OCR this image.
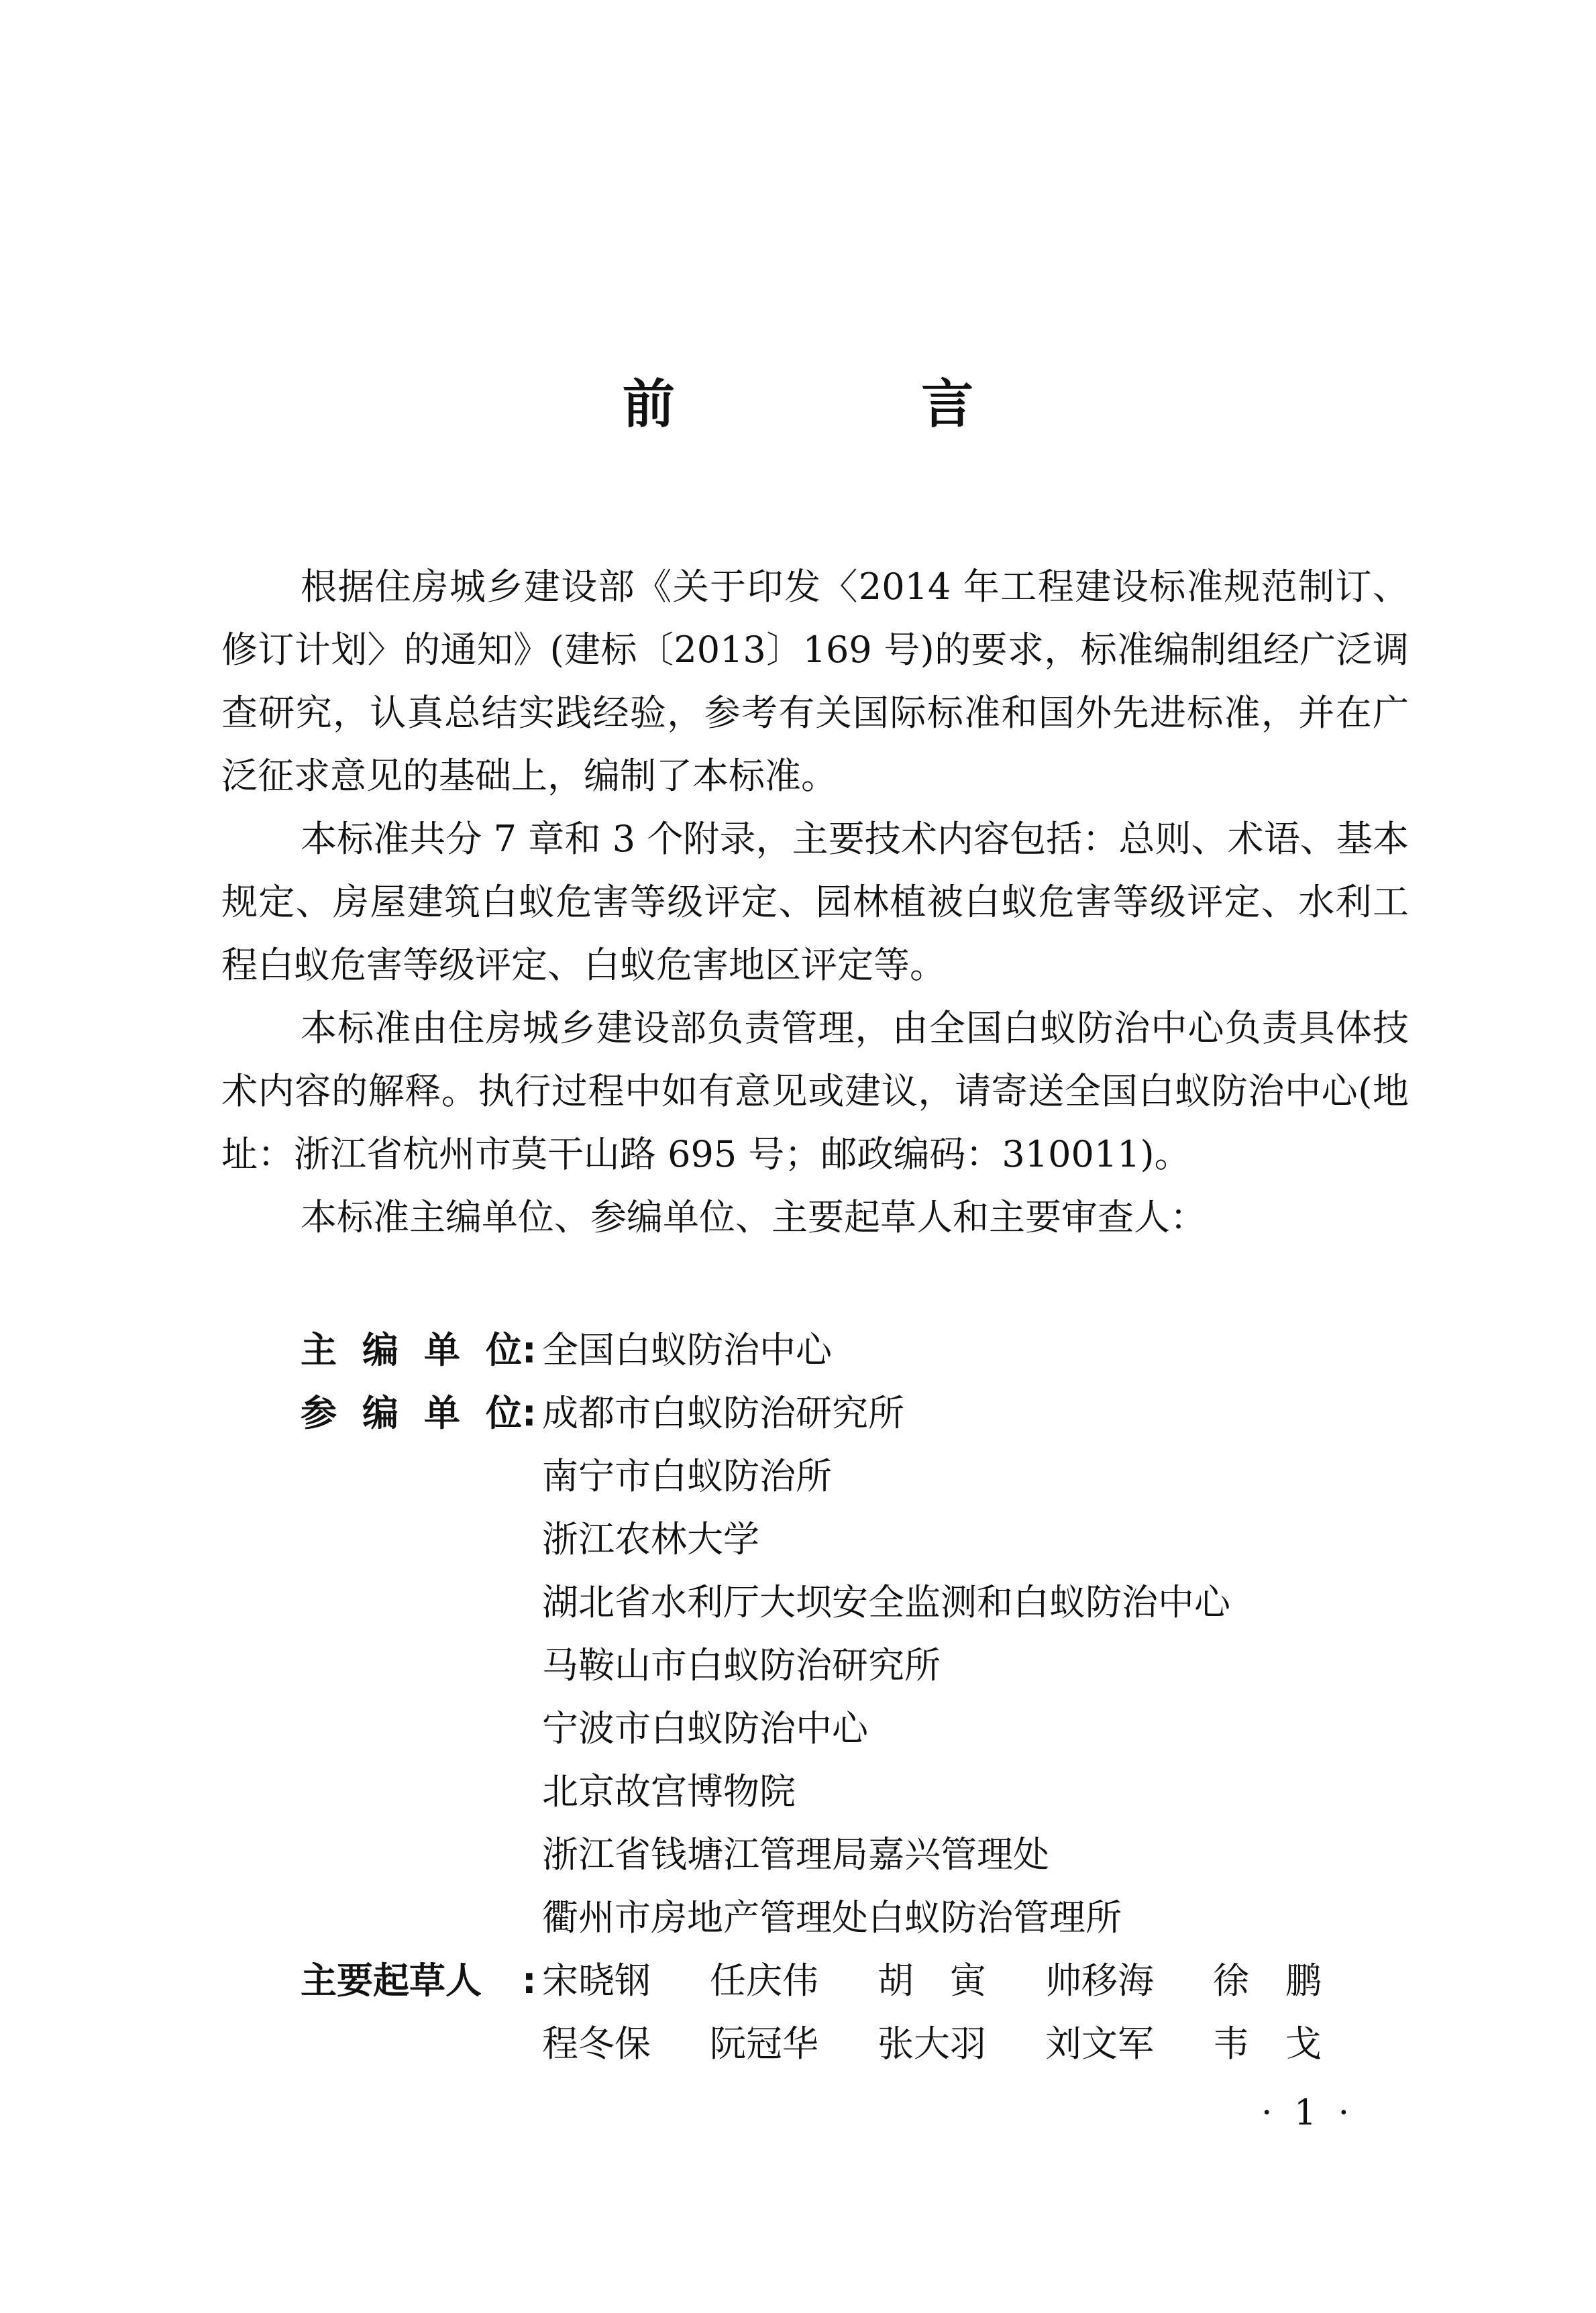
前 言

根据住房城乡建设部《关于印发〈2014 年工程建设标准规范制订、修订计划〉的通知》(建标〔2013〕169 号)的要求，标准编制组经广泛调查研究，认真总结实践经验，参考有关国际标准和国外先进标准，并在广泛征求意见的基础上，编制了本标准。

本标准共分 7 章和 3 个附录，主要技术内容包括：总则、术语、基本规定、房屋建筑白蚁危害等级评定、园林植被白蚁危害等级评定、水利工程白蚁危害等级评定、白蚁危害地区评定等。

本标准由住房城乡建设部负责管理，由全国白蚁防治中心负责具体技术内容的解释。执行过程中如有意见或建议，请寄送全国白蚁防治中心(地址：浙江省杭州市莫干山路 695 号；邮政编码：310011)。

本标准主编单位、参编单位、主要起草人和主要审查人：

主 编 单 位 : 全国白蚁防治中心
参 编 单 位 : 成都市白蚁防治研究所
南宁市白蚁防治所
浙江农林大学
湖北省水利厅大坝安全监测和白蚁防治中心
马鞍山市白蚁防治研究所
宁波市白蚁防治中心
北京故宫博物院
浙江省钱塘江管理局嘉兴管理处
衢州市房地产管理处白蚁防治管理所
主要起草人	: 宋晓钢	任庆伟	胡　寅	帅移海	徐　鹏
程冬保	阮冠华	张大羽	刘文军	韦　戈
· 1 ·
